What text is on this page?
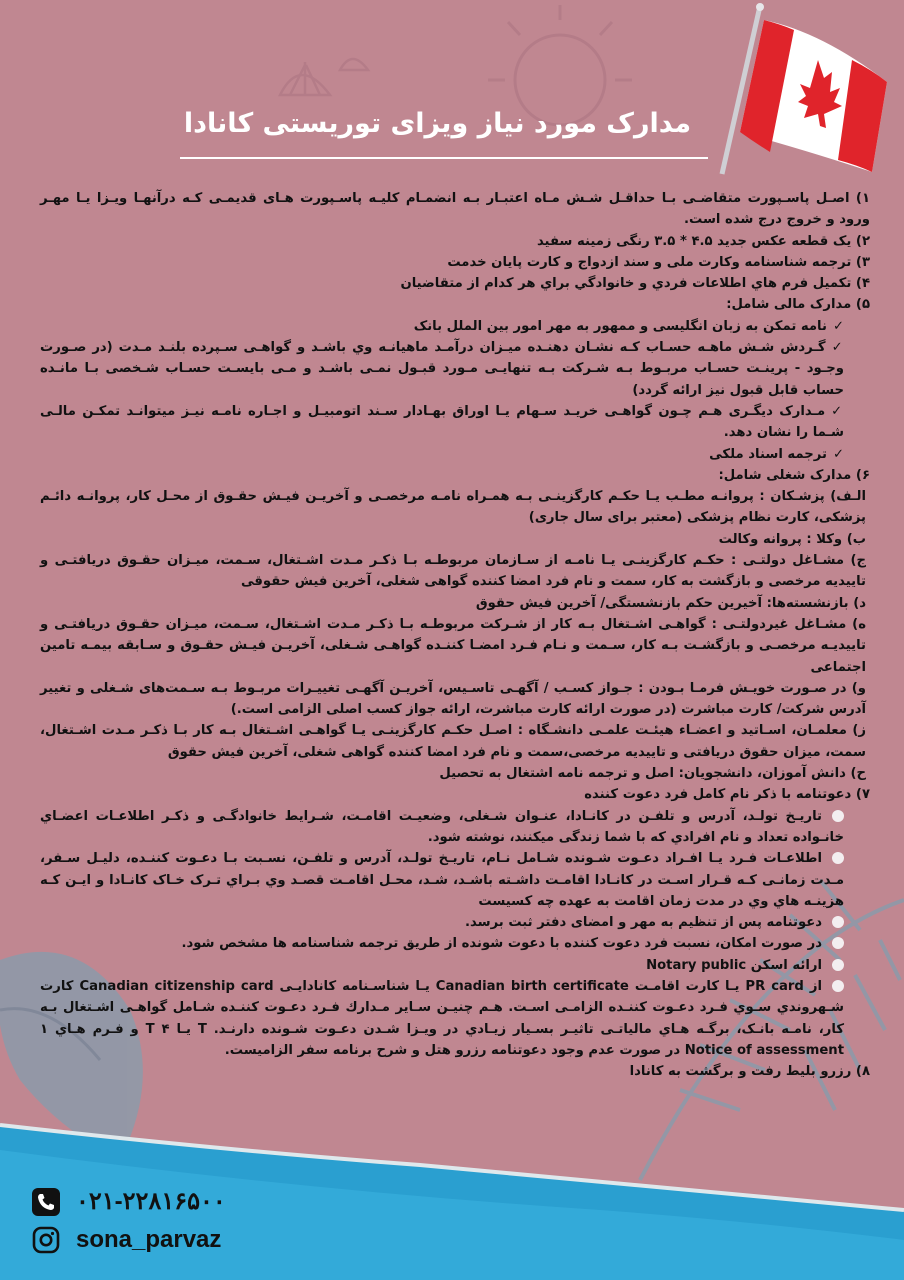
مدارک مورد نیاز ویزای توریستی کانادا

۱) اصـل پاسـپورت متقاضـی بـا حداقـل شـش مـاه اعتبـار بـه انضمـام کلیـه پاسـپورت هـای قدیمـی کـه درآنهـا ویـزا یـا مهـر ورود و خروج درج شده است.

۲) یک قطعه عکس جدید ۴.۵ * ۳.۵ رنگی زمینه سفید

۳) ترجمه شناسنامه وکارت ملی و سند ازدواج و کارت پایان خدمت

۴) تکمیل فرم هاي اطلاعات فردي و خانوادگي براي هر كدام از متقاضيان

۵) مدارک مالی شامل:

✓نامه تمکن به زبان انگلیسی و ممهور به مهر امور بین الملل بانک

✓گـردش شـش ماهـه حسـاب کـه نشـان دهنـده میـزان درآمـد ماهیانـه وي باشـد و گواهـی سـپرده بلنـد مـدت (در صـورت وجـود - پرینـت حسـاب مربـوط بـه شـرکت بـه تنهایـی مـورد قبـول نمـی باشـد و مـی بایسـت حسـاب شـخصی بـا مانـده حساب قابل قبول نیز ارائه گردد)

✓مـدارک دیگـری هـم چـون گواهـی خریـد سـهام یـا اوراق بهـادار سـند اتومبیـل و اجـاره نامـه نیـز میتوانـد تمکـن مالـی شـما را نشان دهد.

✓ترجمه اسناد ملکی

۶) مدارک شغلی شامل:

الـف) پزشـکان : پروانـه مطـب یـا حکـم کارگزینـی بـه همـراه نامـه مرخصـی و آخریـن فیـش حقـوق از محـل کار، پروانـه دائـم پزشکی، کارت نظام پزشکی (معتبر برای سال جاری)

ب) وکلا : پروانه وکالت

ج) مشـاغل دولتـی : حکـم کارگزینـی یـا نامـه از سـازمان مربوطـه بـا ذکـر مـدت اشـتغال، سـمت، میـزان حقـوق دریافتـی و تاییدیه مرخصی و بازگشت به کار، سمت و نام فرد امضا کننده گواهی شغلی، آخرین فیش حقوقی

د) بازنشسته‌ها: آخیرین حکم بازنشستگی/ آخرین فیش حقوق

ه) مشـاغل غیردولتـی : گواهـی اشـتغال بـه کار از شـرکت مربوطـه بـا ذکـر مـدت اشـتغال، سـمت، میـزان حقـوق دریافتـی و تاییدیـه مرخصـی و بازگشـت بـه کار، سـمت و نـام فـرد امضـا کننـده گواهـی شـغلی، آخریـن فیـش حقـوق و سـابقه بیمـه تامین اجتماعی

و) در صـورت خویـش فرمـا بـودن : جـواز کسـب / آگهـی تاسـیس، آخریـن آگهـی تغییـرات مربـوط بـه سـمت‌های شـغلی و تغییر آدرس شرکت/ کارت مباشرت (در صورت ارائه کارت مباشرت، ارائه جواز کسب اصلی الزامی است.)

ز) معلمـان، اسـاتید و اعضـاء هیئـت علمـی دانشـگاه : اصـل حکـم کارگزینـی یـا گواهـی اشـتغال بـه کار بـا ذکـر مـدت اشـتغال، سمت، میزان حقوق دریافتی و تاییدیه مرخصی،سمت و نام فرد امضا کننده گواهی شغلی، آخرین فیش حقوق

ح) دانش آموزان، دانشجویان: اصل و ترجمه نامه اشتغال به تحصیل

۷) دعوتنامه با ذکر نام کامل فرد دعوت کننده

تاریـخ تولـد، آدرس و تلفـن در کانـادا، عنـوان شـغلی، وضعیـت اقامـت، شـرایط خانوادگـی و ذکـر اطلاعـات اعضـاي خانـواده تعداد و نام افرادي که با شما زندگی میکنند، نوشته شود.

اطلاعـات فـرد یـا افـراد دعـوت شـونده شـامل نـام، تاریـخ تولـد، آدرس و تلفـن، نسـبت بـا دعـوت کننـده، دلیـل سـفر، مـدت زمانـی کـه قـرار اسـت در کانـادا اقامـت داشـته باشـد، شـد، محـل اقامـت قصـد وي بـراي تـرک خـاک کانـادا و ایـن کـه هزینـه هاي وي در مدت زمان اقامت به عهده چه کسیست

دعوتنامه پس از تنظیم به مهر و امضای دفتر ثبت برسد.

در صورت امکان، نسبت فرد دعوت کننده با دعوت شونده از طریق ترجمه شناسنامه ها مشخص شود.

ارائه اسکن Notary public

از PR card یـا کارت اقامـت Canadian birth certificate یـا شناسـنامه کانادایـی Canadian citizenship card کارت شـهروندي سـوي فـرد دعـوت کننـده الزامـی اسـت. هـم چنیـن سـایر مـدارك فـرد دعـوت کننـده شـامل گواهـی اشـتغال بـه کار، نامـه بانـک، برگـه هـاي مالیاتـی تاثیـر بسـیار زیـادي در ویـزا شـدن دعـوت شـونده دارنـد. T یـا T ۴ و فـرم هـاي ۱ Notice of assessment در صورت عدم وجود دعوتنامه رزرو هتل و شرح برنامه سفر الزامیست.

۸) رزرو بلیط رفت و برگشت به کانادا

۰۲۱-۲۲۸۱۶۵۰۰
sona_parvaz
